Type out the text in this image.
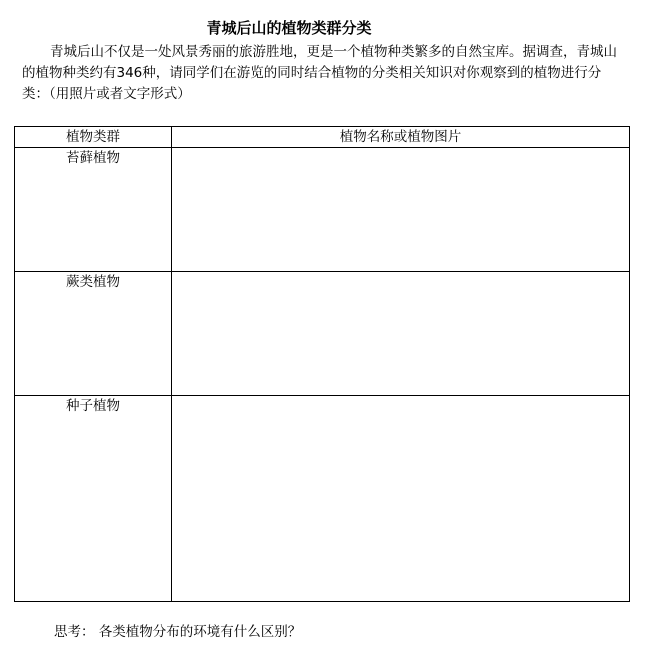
青城后山的植物类群分类

青城后山不仅是一处风景秀丽的旅游胜地，更是一个植物种类繁多的自然宝库。据调查，青城山的植物种类约有346种，请同学们在游览的同时结合植物的分类相关知识对你观察到的植物进行分类：（用照片或者文字形式）

植物类群	植物名称或植物图片
苔藓植物	
蕨类植物	
种子植物	
思考： 各类植物分布的环境有什么区别？
